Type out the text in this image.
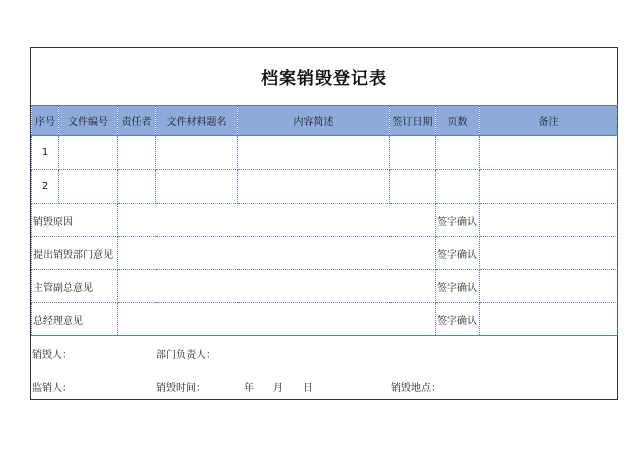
档案销毁登记表
序号	文件编号	责任者	文件材料题名	内容简述	签订日期	页数	备注
1							
2							
销毁原因						签字确认	
提出销毁部门意见						签字确认	
主管副总意见						签字确认	
总经理意见						签字确认	
销毁人：	部门负责人：
监销人：	销毁时间：	年 月 日	销毁地点：
